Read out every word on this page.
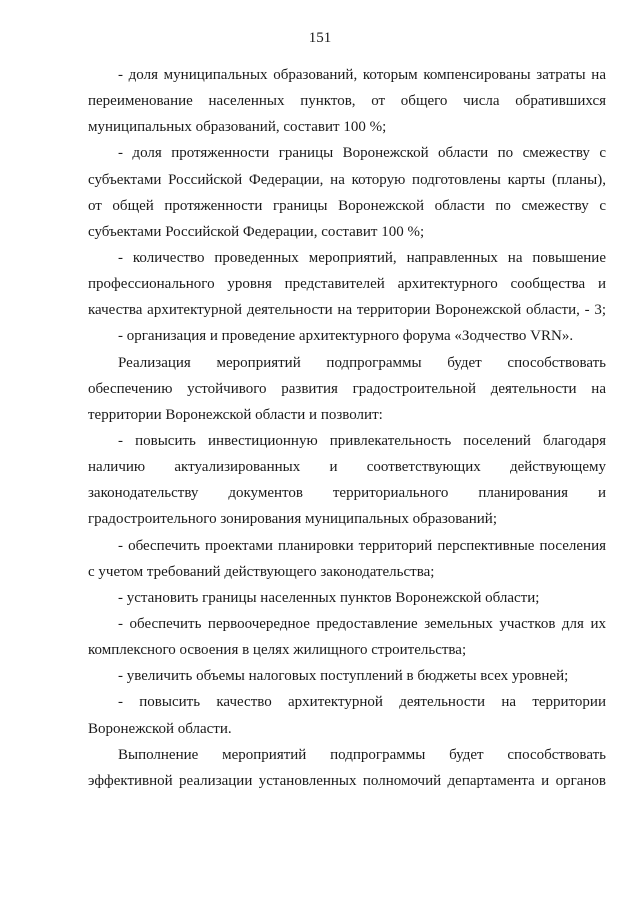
151
- доля муниципальных образований, которым компенсированы затраты на
переименование населенных пунктов, от общего числа обратившихся
муниципальных образований, составит 100 %;
- доля протяженности границы Воронежской области по смежеству с
субъектами Российской Федерации, на которую подготовлены карты (планы),
от общей протяженности границы Воронежской области по смежеству с
субъектами Российской Федерации, составит 100 %;
- количество проведенных мероприятий, направленных на повышение
профессионального уровня представителей архитектурного сообщества и
качества архитектурной деятельности на территории Воронежской области, - 3;
- организация и проведение архитектурного форума «Зодчество VRN».
Реализация мероприятий подпрограммы будет способствовать
обеспечению устойчивого развития градостроительной деятельности на
территории Воронежской области и позволит:
- повысить инвестиционную привлекательность поселений благодаря
наличию актуализированных и соответствующих действующему
законодательству документов территориального планирования и
градостроительного зонирования муниципальных образований;
- обеспечить проектами планировки территорий перспективные поселения
с учетом требований действующего законодательства;
- установить границы населенных пунктов Воронежской области;
- обеспечить первоочередное предоставление земельных участков для их
комплексного освоения в целях жилищного строительства;
- увеличить объемы налоговых поступлений в бюджеты всех уровней;
- повысить качество архитектурной деятельности на территории
Воронежской области.
Выполнение мероприятий подпрограммы будет способствовать
эффективной реализации установленных полномочий департамента и органов
